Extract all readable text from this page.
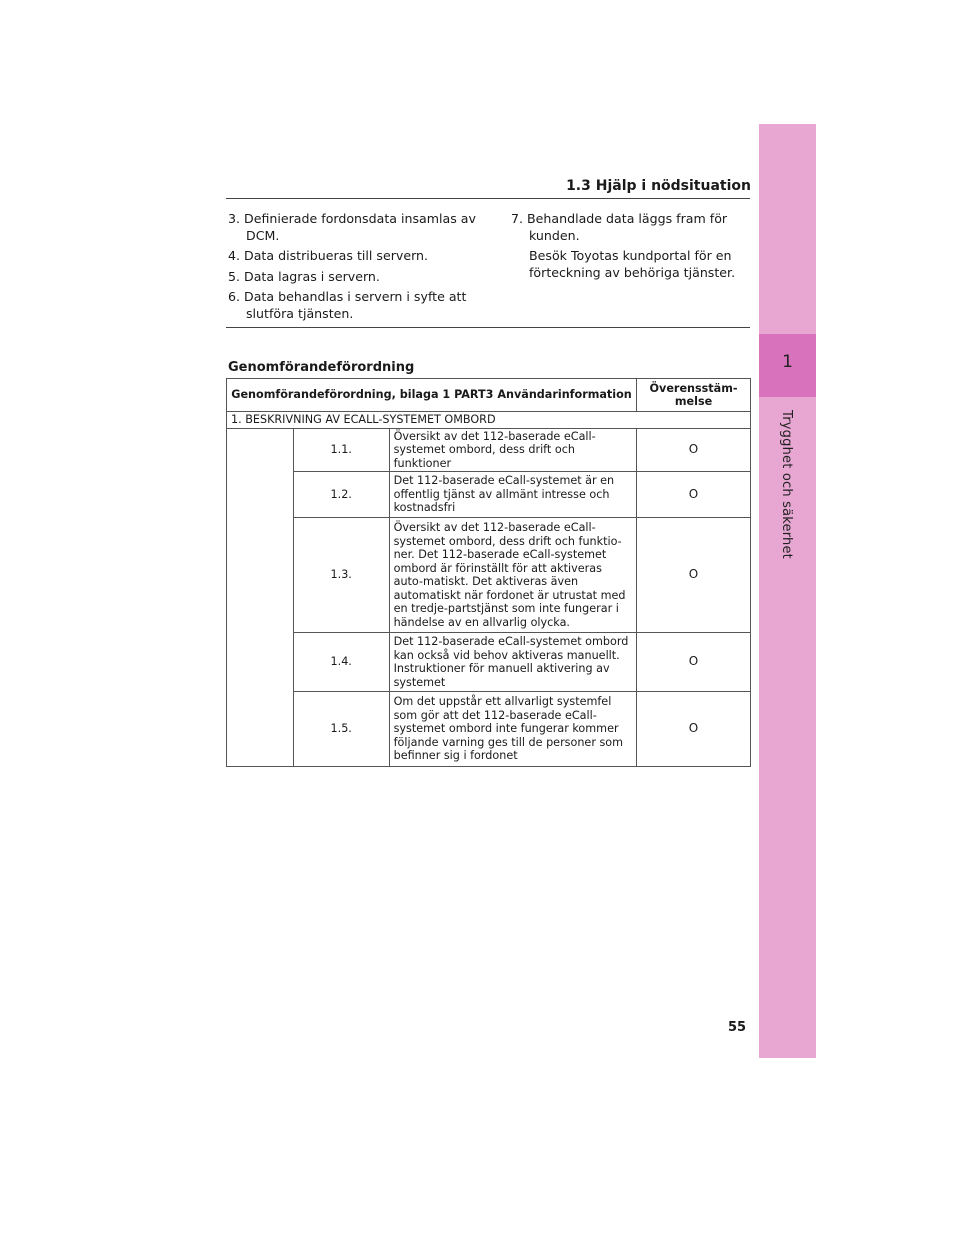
1
Trygghet och säkerhet
1.3 Hjälp i nödsituation
3. Definierade fordonsdata insamlas av DCM.
4. Data distribueras till servern.
5. Data lagras i servern.
6. Data behandlas i servern i syfte att slutföra tjänsten.
7. Behandlade data läggs fram för kunden.
Besök Toyotas kundportal för en förteckning av behöriga tjänster.
Genomförandeförordning
Genomförandeförordning, bilaga 1 PART3 Användarinformation			Överensstäm-melse
1. BESKRIVNING AV ECALL-SYSTEMET OMBORD			
	1.1.	Översikt av det 112-baserade eCall-systemet ombord, dess drift och funktioner	O
	1.2.	Det 112-baserade eCall-systemet är en offentlig tjänst av allmänt intresse och kostnadsfri	O
	1.3.	Översikt av det 112-baserade eCall-systemet ombord, dess drift och funktio-ner. Det 112-baserade eCall-systemet ombord är förinställt för att aktiveras auto-matiskt. Det aktiveras även automatiskt när fordonet är utrustat med en tredje-partstjänst som inte fungerar i händelse av en allvarlig olycka.	O
	1.4.	Det 112-baserade eCall-systemet ombord kan också vid behov aktiveras manuellt. Instruktioner för manuell aktivering av systemet	O
	1.5.	Om det uppstår ett allvarligt systemfel som gör att det 112-baserade eCall-systemet ombord inte fungerar kommer följande varning ges till de personer som befinner sig i fordonet	O
55
